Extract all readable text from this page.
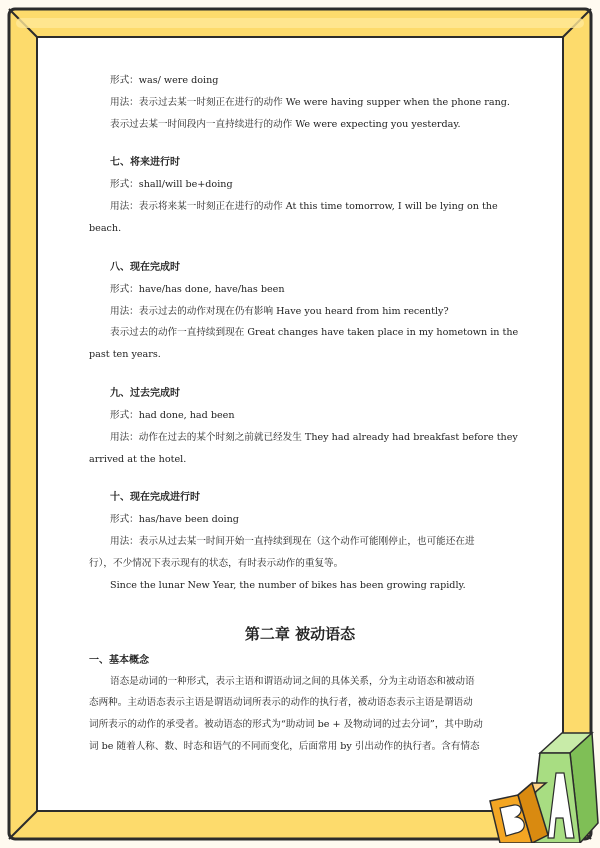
形式：was/ were doing
用法：表示过去某一时刻正在进行的动作 We were having supper when the phone rang.
表示过去某一时间段内一直持续进行的动作 We were expecting you yesterday.
七、将来进行时
形式：shall/will be+doing
用法：表示将来某一时刻正在进行的动作 At this time tomorrow, I will be lying on the
beach.
八、现在完成时
形式：have/has done, have/has been
用法：表示过去的动作对现在仍有影响 Have you heard from him recently?
表示过去的动作一直持续到现在 Great changes have taken place in my hometown in the
past ten years.
九、过去完成时
形式：had done, had been
用法：动作在过去的某个时刻之前就已经发生 They had already had breakfast before they
arrived at the hotel.
十、现在完成进行时
形式：has/have been doing
用法：表示从过去某一时间开始一直持续到现在（这个动作可能刚停止，也可能还在进
行），不少情况下表示现有的状态，有时表示动作的重复等。
Since the lunar New Year, the number of bikes has been growing rapidly.
第二章 被动语态
一、基本概念
语态是动词的一种形式，表示主语和谓语动词之间的具体关系，分为主动语态和被动语
态两种。主动语态表示主语是谓语动词所表示的动作的执行者，被动语态表示主语是谓语动
词所表示的动作的承受者。被动语态的形式为“助动词 be + 及物动词的过去分词”，其中助动
词 be 随着人称、数、时态和语气的不同而变化，后面常用 by 引出动作的执行者。含有情态
